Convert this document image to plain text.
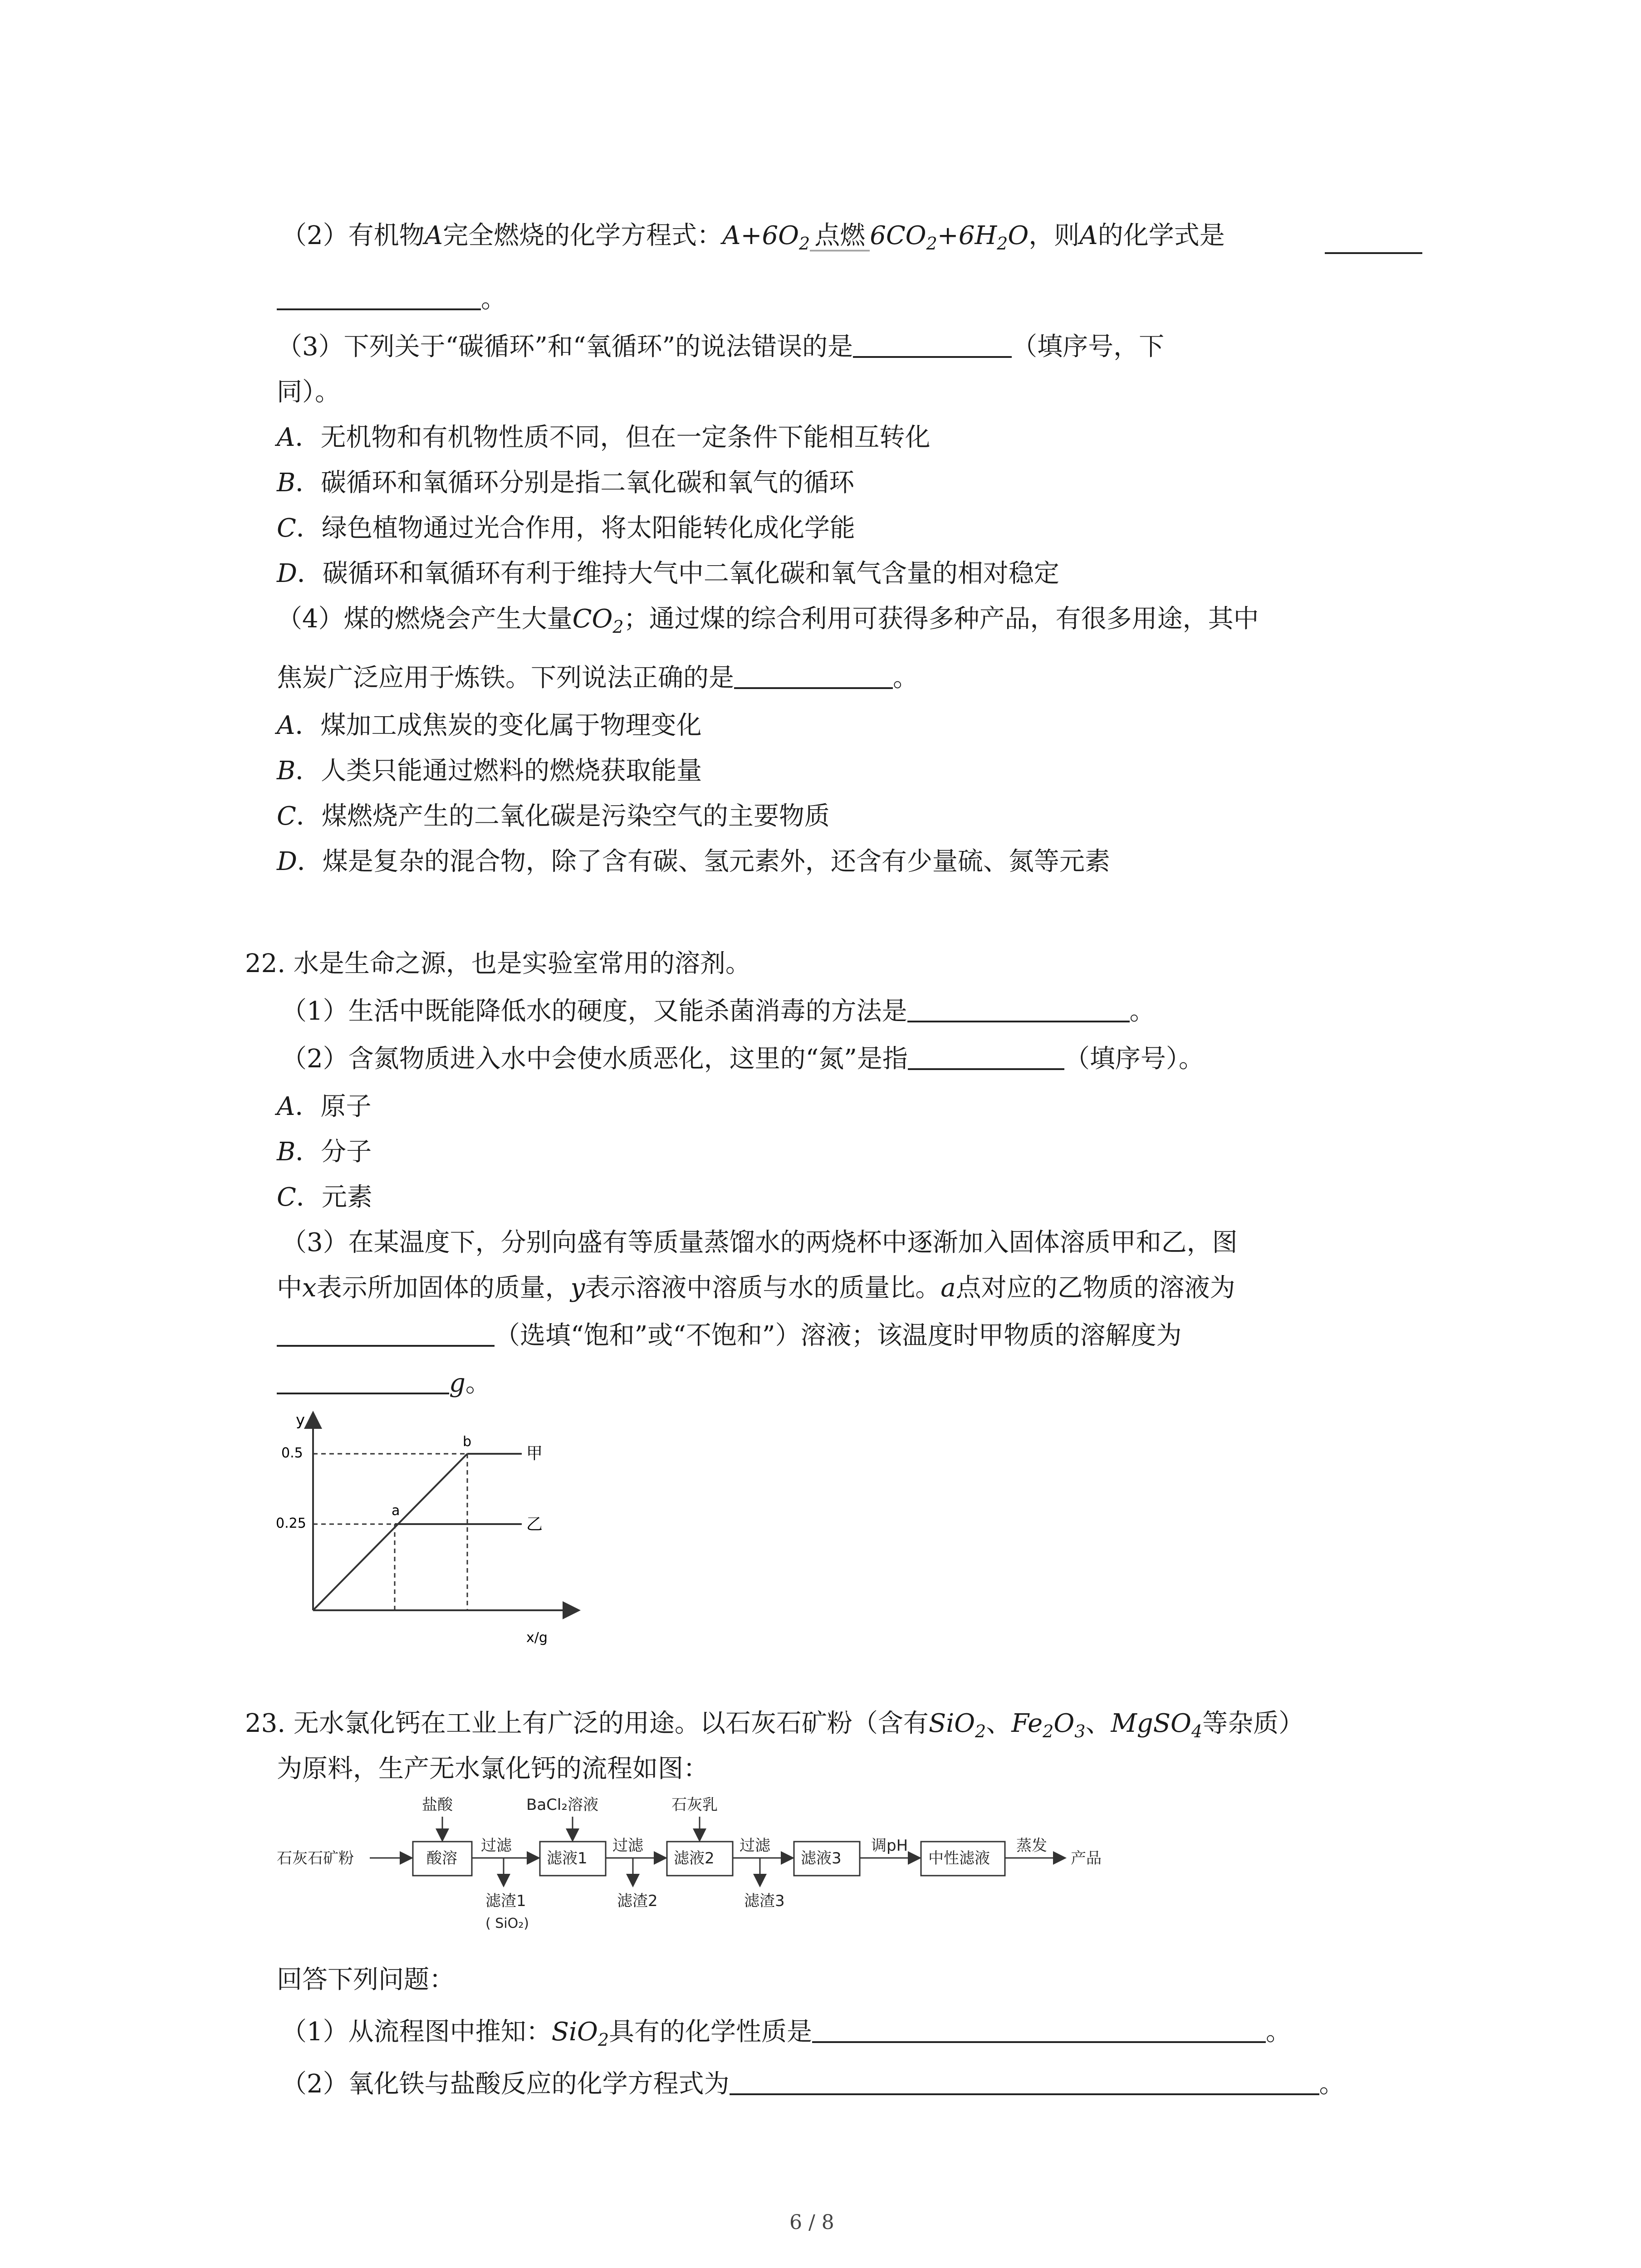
（2）有机物A完全燃烧的化学方程式：$A+6O_2$ 点燃 $6CO_2+6H_2O$，则A的化学式是
。
（3）下列关于“碳循环”和“氧循环”的说法错误的是	（填序号，下
同）。
A．无机物和有机物性质不同，但在一定条件下能相互转化
B．碳循环和氧循环分别是指二氧化碳和氧气的循环
C．绿色植物通过光合作用，将太阳能转化成化学能
D．碳循环和氧循环有利于维持大气中二氧化碳和氧气含量的相对稳定
（4）煤的燃烧会产生大量$CO_2$；通过煤的综合利用可获得多种产品，有很多用途，其中
焦炭广泛应用于炼铁。下列说法正确的是	。
A．煤加工成焦炭的变化属于物理变化
B．人类只能通过燃料的燃烧获取能量
C．煤燃烧产生的二氧化碳是污染空气的主要物质
D．煤是复杂的混合物，除了含有碳、氢元素外，还含有少量硫、氮等元素
22. 水是生命之源，也是实验室常用的溶剂。
（1）生活中既能降低水的硬度，又能杀菌消毒的方法是	。
（2）含氮物质进入水中会使水质恶化，这里的“氮”是指	（填序号）。
A．原子
B．分子
C．元素
（3）在某温度下，分别向盛有等质量蒸馏水的两烧杯中逐渐加入固体溶质甲和乙，图
中x表示所加固体的质量，y表示溶液中溶质与水的质量比。a点对应的乙物质的溶液为
（选填“饱和”或“不饱和”）溶液；该温度时甲物质的溶解度为
g。
y
x/g
0.5
0.25
a
b
甲
乙
23. 无水氯化钙在工业上有广泛的用途。以石灰石矿粉（含有SiO$_2$、$Fe_2O_3$、MgSO$_4$等杂质）
为原料，生产无水氯化钙的流程如图：
石灰石矿粉	酸溶
盐酸
过滤
滤渣1
( SiO₂)
滤液1
BaCl₂溶液
过滤
滤渣2
滤液2
石灰乳
过滤
滤渣3
滤液3
调pH
中性滤液
蒸发
产品
回答下列问题：
（1）从流程图中推知：SiO$_2$具有的化学性质是	。
（2）氧化铁与盐酸反应的化学方程式为	。
6 / 8
